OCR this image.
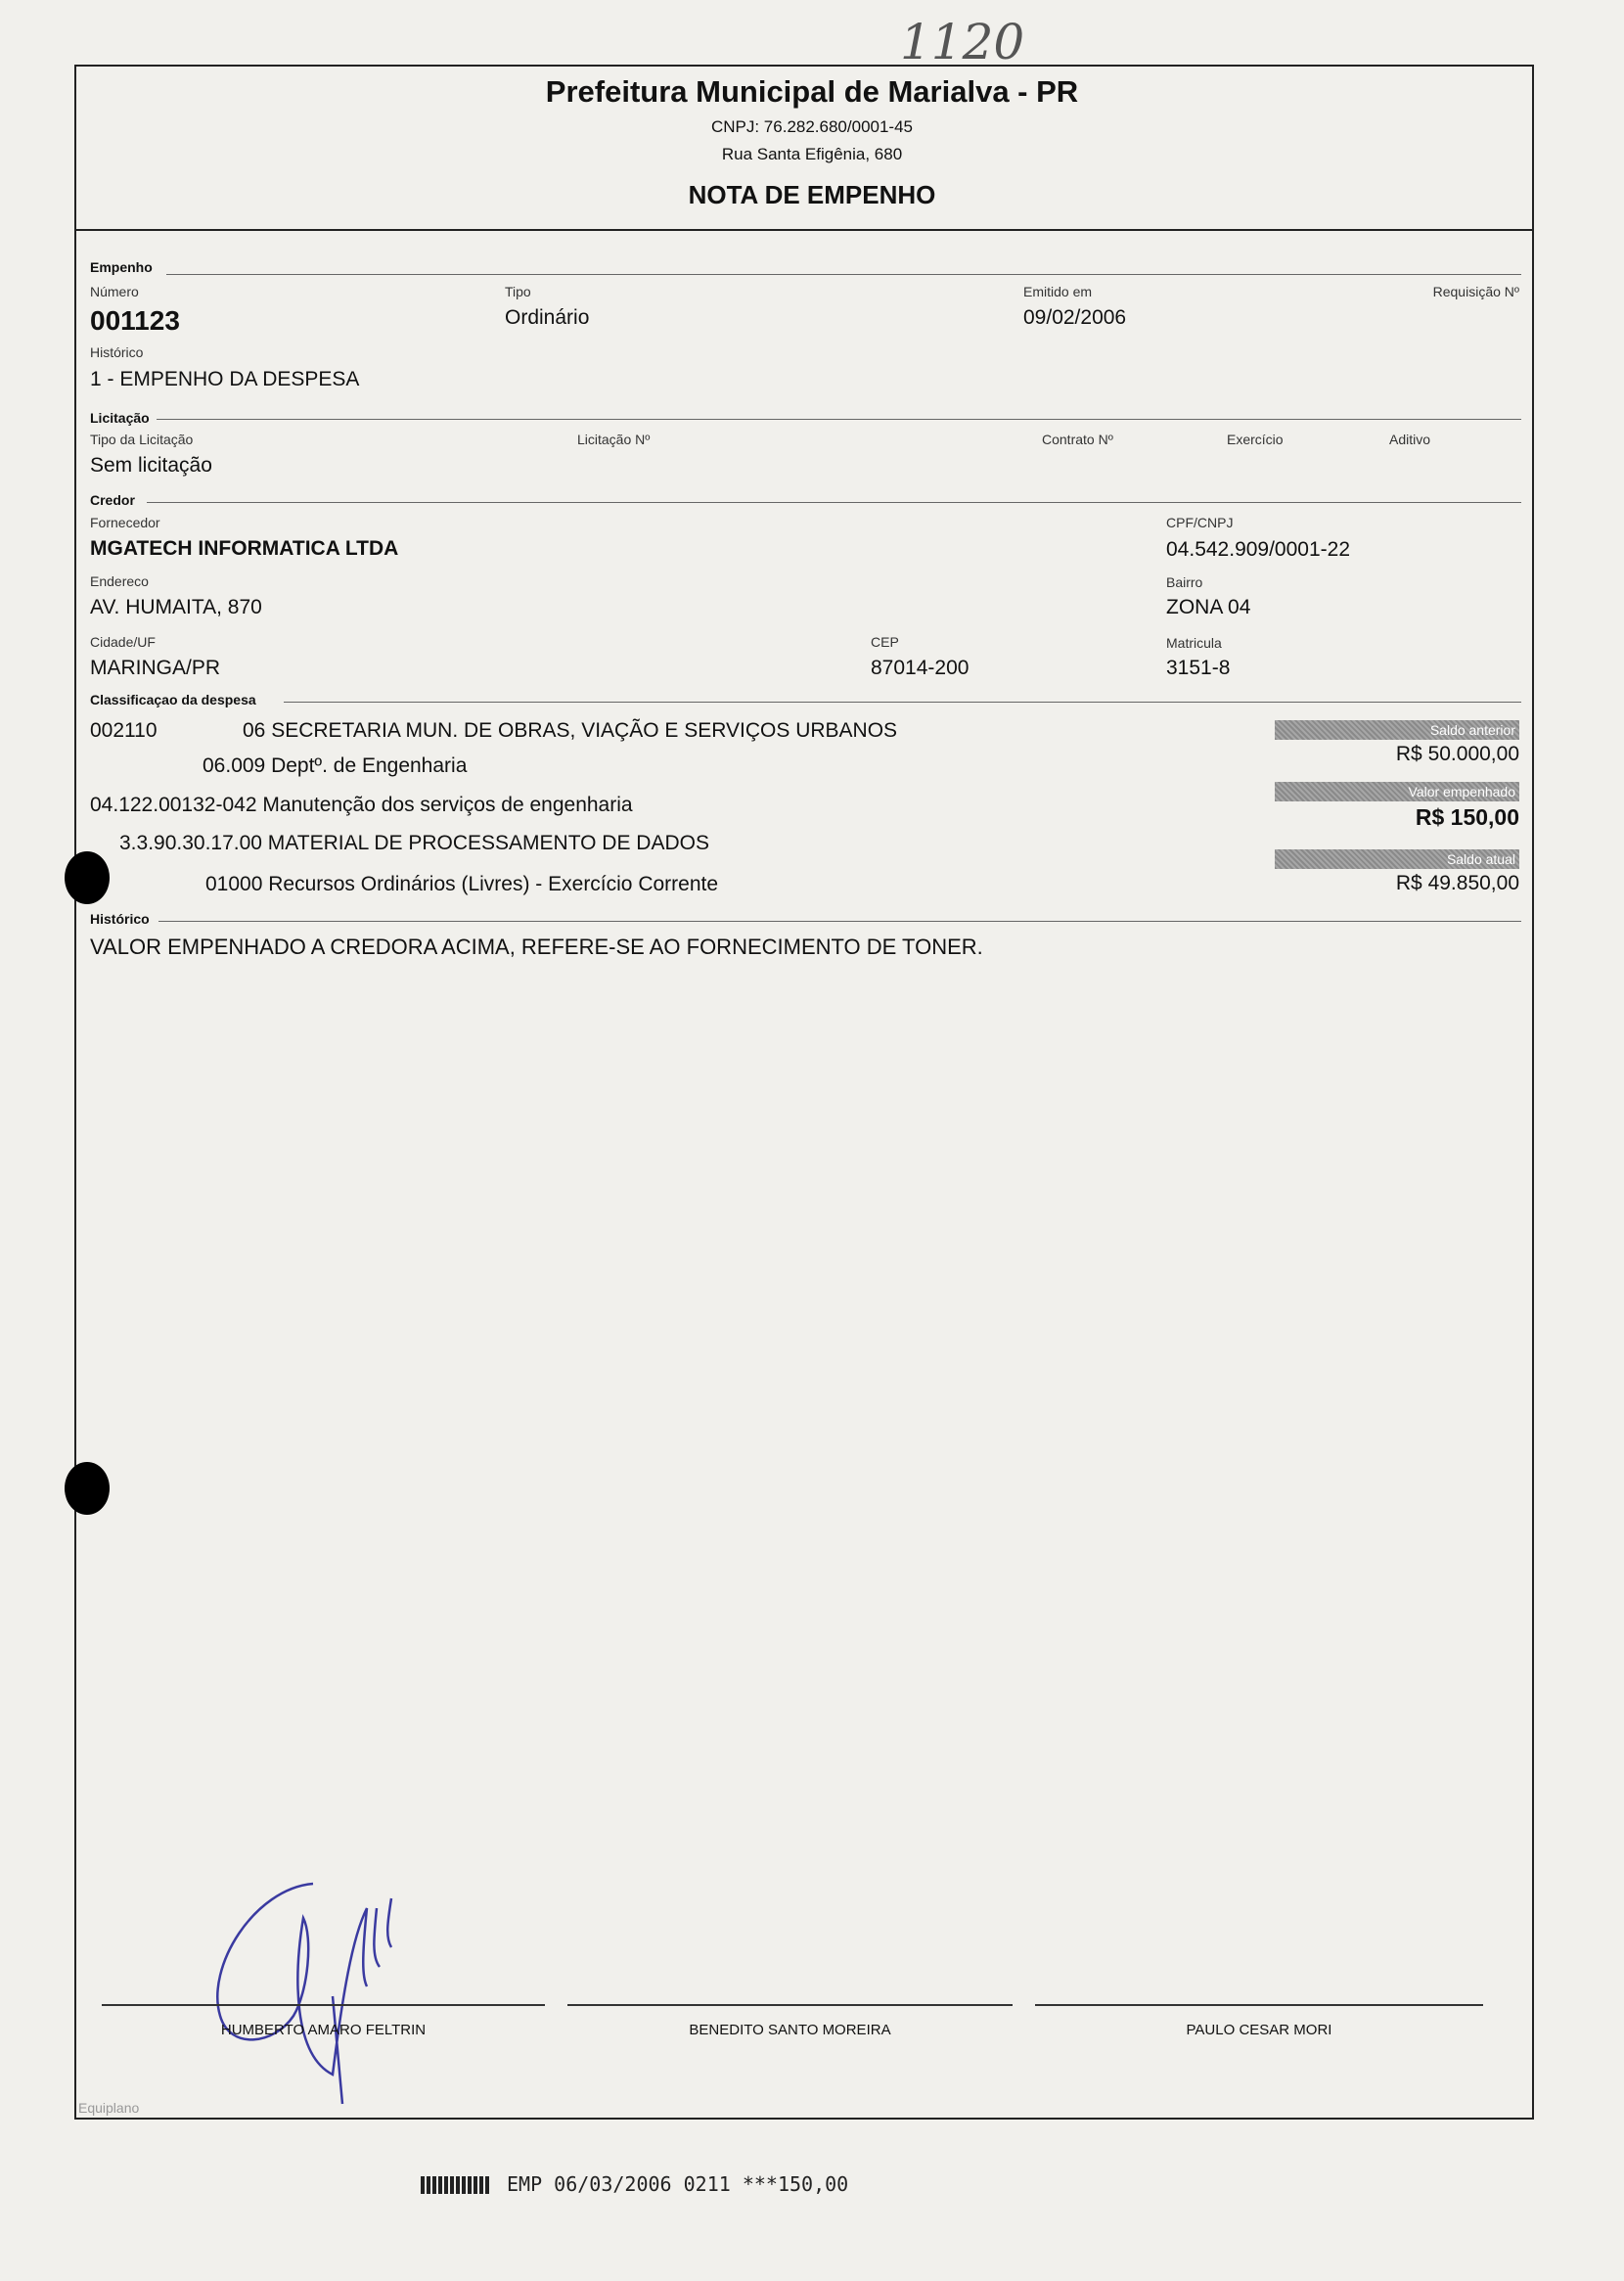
1120
Prefeitura Municipal de Marialva - PR
CNPJ: 76.282.680/0001-45
Rua Santa Efigênia, 680
NOTA DE EMPENHO
Empenho
Número
001123
Tipo
Ordinário
Emitido em
09/02/2006
Requisição Nº
Histórico
1 - EMPENHO DA DESPESA
Licitação
Tipo da Licitação
Sem licitação
Licitação Nº	Contrato Nº	Exercício	Aditivo
Credor
Fornecedor
MGATECH INFORMATICA LTDA
CPF/CNPJ
04.542.909/0001-22
Endereco
AV. HUMAITA, 870
Bairro
ZONA 04
Cidade/UF
MARINGA/PR
CEP
87014-200
Matricula
3151-8
Classificaçao da despesa
002110	06 SECRETARIA MUN. DE OBRAS, VIAÇÃO E SERVIÇOS URBANOS
06.009 Deptº. de Engenharia
04.122.00132-042 Manutenção dos serviços de engenharia
3.3.90.30.17.00 MATERIAL DE PROCESSAMENTO DE DADOS
01000 Recursos Ordinários (Livres) - Exercício Corrente
Saldo anterior
R$ 50.000,00
Valor empenhado
R$ 150,00
Saldo atual
R$ 49.850,00
Histórico
VALOR EMPENHADO A CREDORA ACIMA, REFERE-SE AO FORNECIMENTO DE TONER.
HUMBERTO AMARO FELTRIN	BENEDITO SANTO MOREIRA	PAULO CESAR MORI
Equiplano
EMP 06/03/2006 0211 ***150,00
